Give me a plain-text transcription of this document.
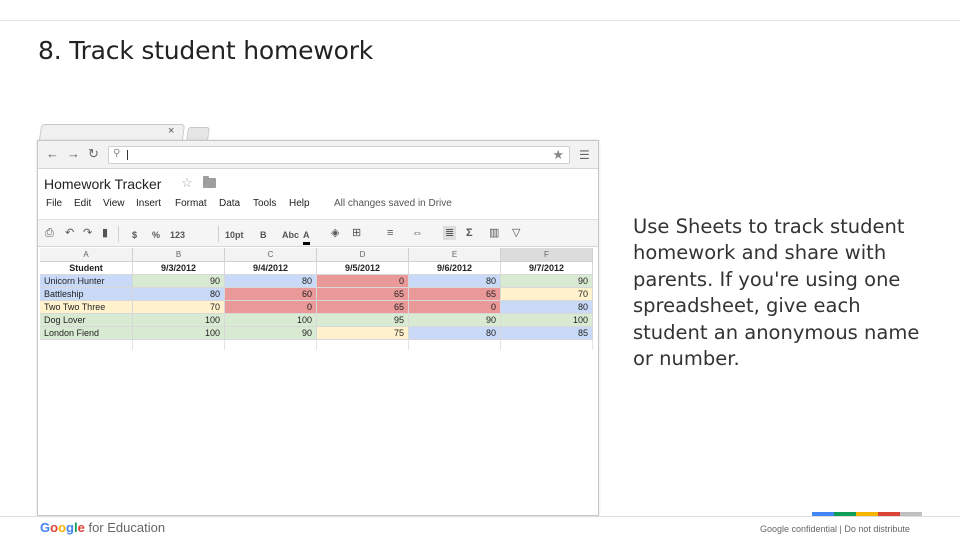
8. Track student homework
×
← → ↻ ⚲	★ ☰
Homework Tracker ☆
File Edit View Insert Format Data Tools Help All changes saved in Drive
⎙ ↶ ↷ ▮	$ % 123	10pt B Abc A ◈ ⊞ ≡ ⇔ ≣ Σ ▥ ▽
A	B	C	D	E	F
Student	9/3/2012	9/4/2012	9/5/2012	9/6/2012	9/7/2012
Unicorn Hunter	90	80	0	80	90
Battleship	80	60	65	65	70
Two Two Three	70	0	65	0	80
Dog Lover	100	100	95	90	100
London Fiend	100	90	75	80	85
Use Sheets to track student homework and share with parents. If you're using one spreadsheet, give each student an anonymous name or number.
Google for Education	Google confidential | Do not distribute
